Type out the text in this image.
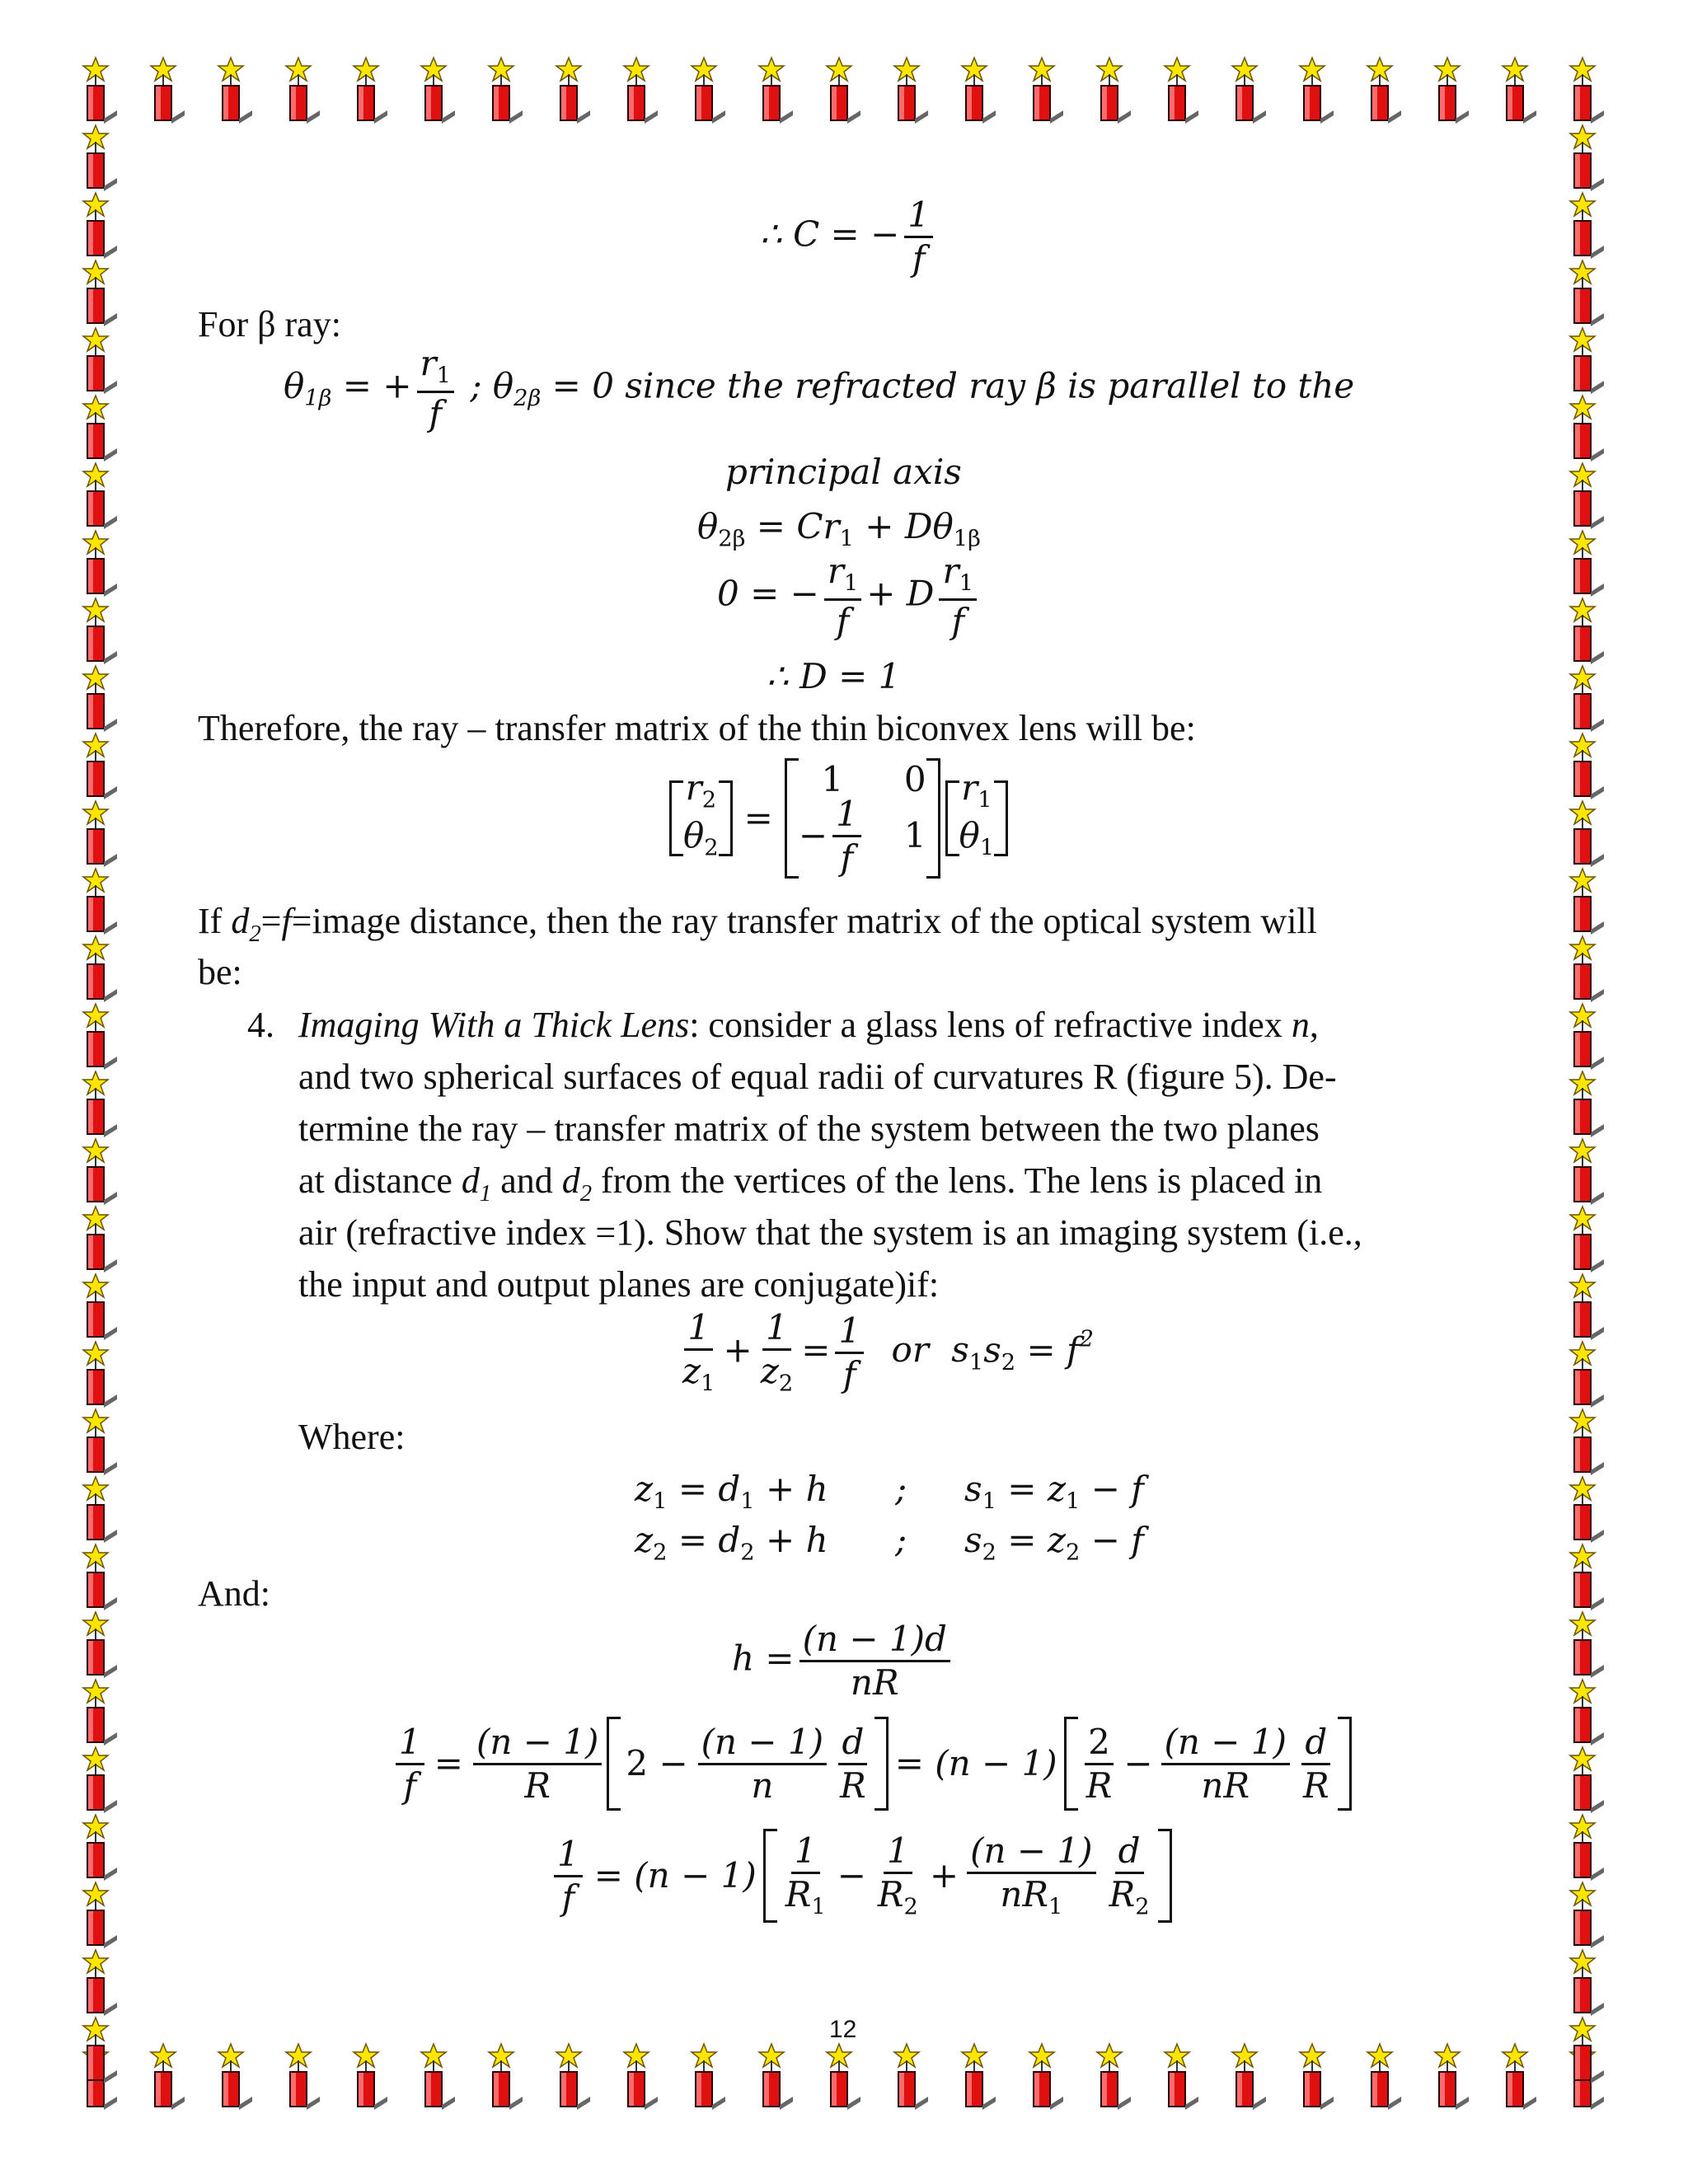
∴ C = − $\frac{1}{f}$
For β ray:
$\theta_{1\beta}$ = + $\frac{r_1}{f}$ ; $\theta_{2\beta} = 0$ since the refracted ray β is parallel to the
principal axis
$\theta_{2\beta} = Cr_1 + D\theta_{1\beta}$
0 = − $\frac{r_1}{f} + D \frac{r_1}{f}$
∴ D = 1
Therefore, the ray – transfer matrix of the thin biconvex lens will be:
$r_2$
$\theta_2$
=
1 0
− $\frac{1}{f} 1$
$r_1$
$\theta_1$
If $d_2=f=image$ distance, then the ray transfer matrix of the optical system will
be:
4. Imaging With a Thick Lens: consider a glass lens of refractive index n,
and two spherical surfaces of equal radii of curvatures R (figure 5). De-
termine the ray – transfer matrix of the system between the two planes
at distance $d_1$ and $d_2$ from the vertices of the lens. The lens is placed in
air (refractive index =1). Show that the system is an imaging system (i.e.,
the input and output planes are conjugate)if:
$\frac{1}{z_1} + \frac{1}{z_2} = \frac{1}{f}$ or $s_1s_2 = f^2$
Where:
$z_1 = d_1 + h$ ; $s_1 = z_1 - f$
$z_2 = d_2 + h$ ; $s_2 = z_2 - f$
And:
$h = \frac{(n - 1)d}{nR}$
$\frac{1}{f} = \frac{(n - 1)}{R} 2 - \frac{(n - 1)}{n} \frac{d}{R} = (n - 1) \frac{2}{R} - \frac{(n - 1)}{nR} \frac{d}{R}$
$\frac{1}{f} = (n - 1) \frac{1}{R_1} - \frac{1}{R_2} + \frac{(n - 1)}{nR_1} \frac{d}{R_2}$
12
